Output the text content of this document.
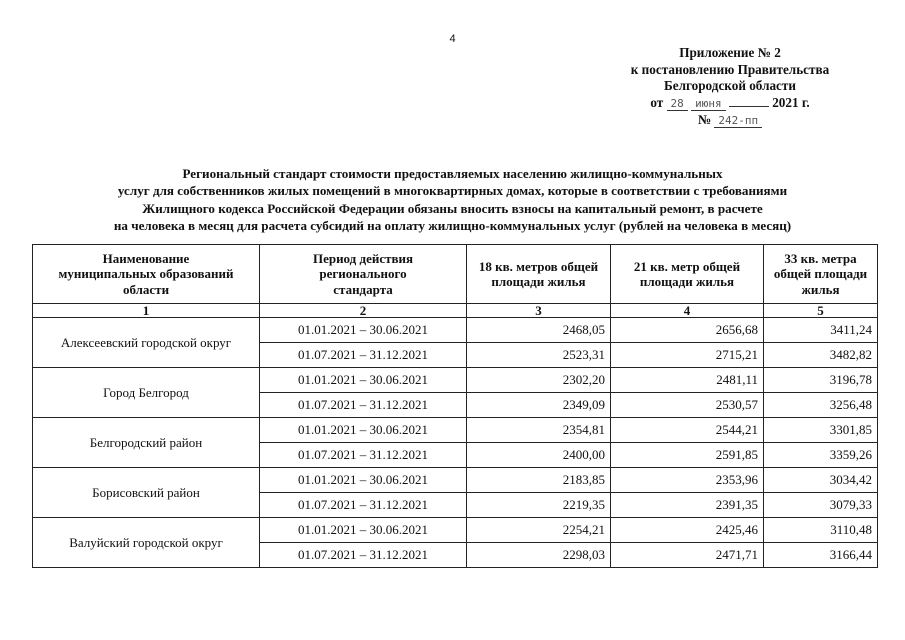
4
Приложение № 2
к постановлению Правительства
Белгородской области
от 28 июня	2021 г.
№ 242-пп
Региональный стандарт стоимости предоставляемых населению жилищно-коммунальных
услуг для собственников жилых помещений в многоквартирных домах, которые в соответствии с требованиями
Жилищного кодекса Российской Федерации обязаны вносить взносы на капитальный ремонт, в расчете
на человека в месяц для расчета субсидий на оплату жилищно-коммунальных услуг (рублей на человека в месяц)
Наименование
муниципальных образований
области	Период действия
регионального
стандарта	18 кв. метров общей
площади жилья	21 кв. метр общей
площади жилья	33 кв. метра
общей площади
жилья

1	2	3	4	5
Алексеевский городской округ	01.01.2021 – 30.06.2021	2468,05	2656,68	3411,24
	01.07.2021 – 31.12.2021	2523,31	2715,21	3482,82
Город Белгород	01.01.2021 – 30.06.2021	2302,20	2481,11	3196,78
	01.07.2021 – 31.12.2021	2349,09	2530,57	3256,48
Белгородский район	01.01.2021 – 30.06.2021	2354,81	2544,21	3301,85
	01.07.2021 – 31.12.2021	2400,00	2591,85	3359,26
Борисовский район	01.01.2021 – 30.06.2021	2183,85	2353,96	3034,42
	01.07.2021 – 31.12.2021	2219,35	2391,35	3079,33
Валуйский городской округ	01.01.2021 – 30.06.2021	2254,21	2425,46	3110,48
	01.07.2021 – 31.12.2021	2298,03	2471,71	3166,44
